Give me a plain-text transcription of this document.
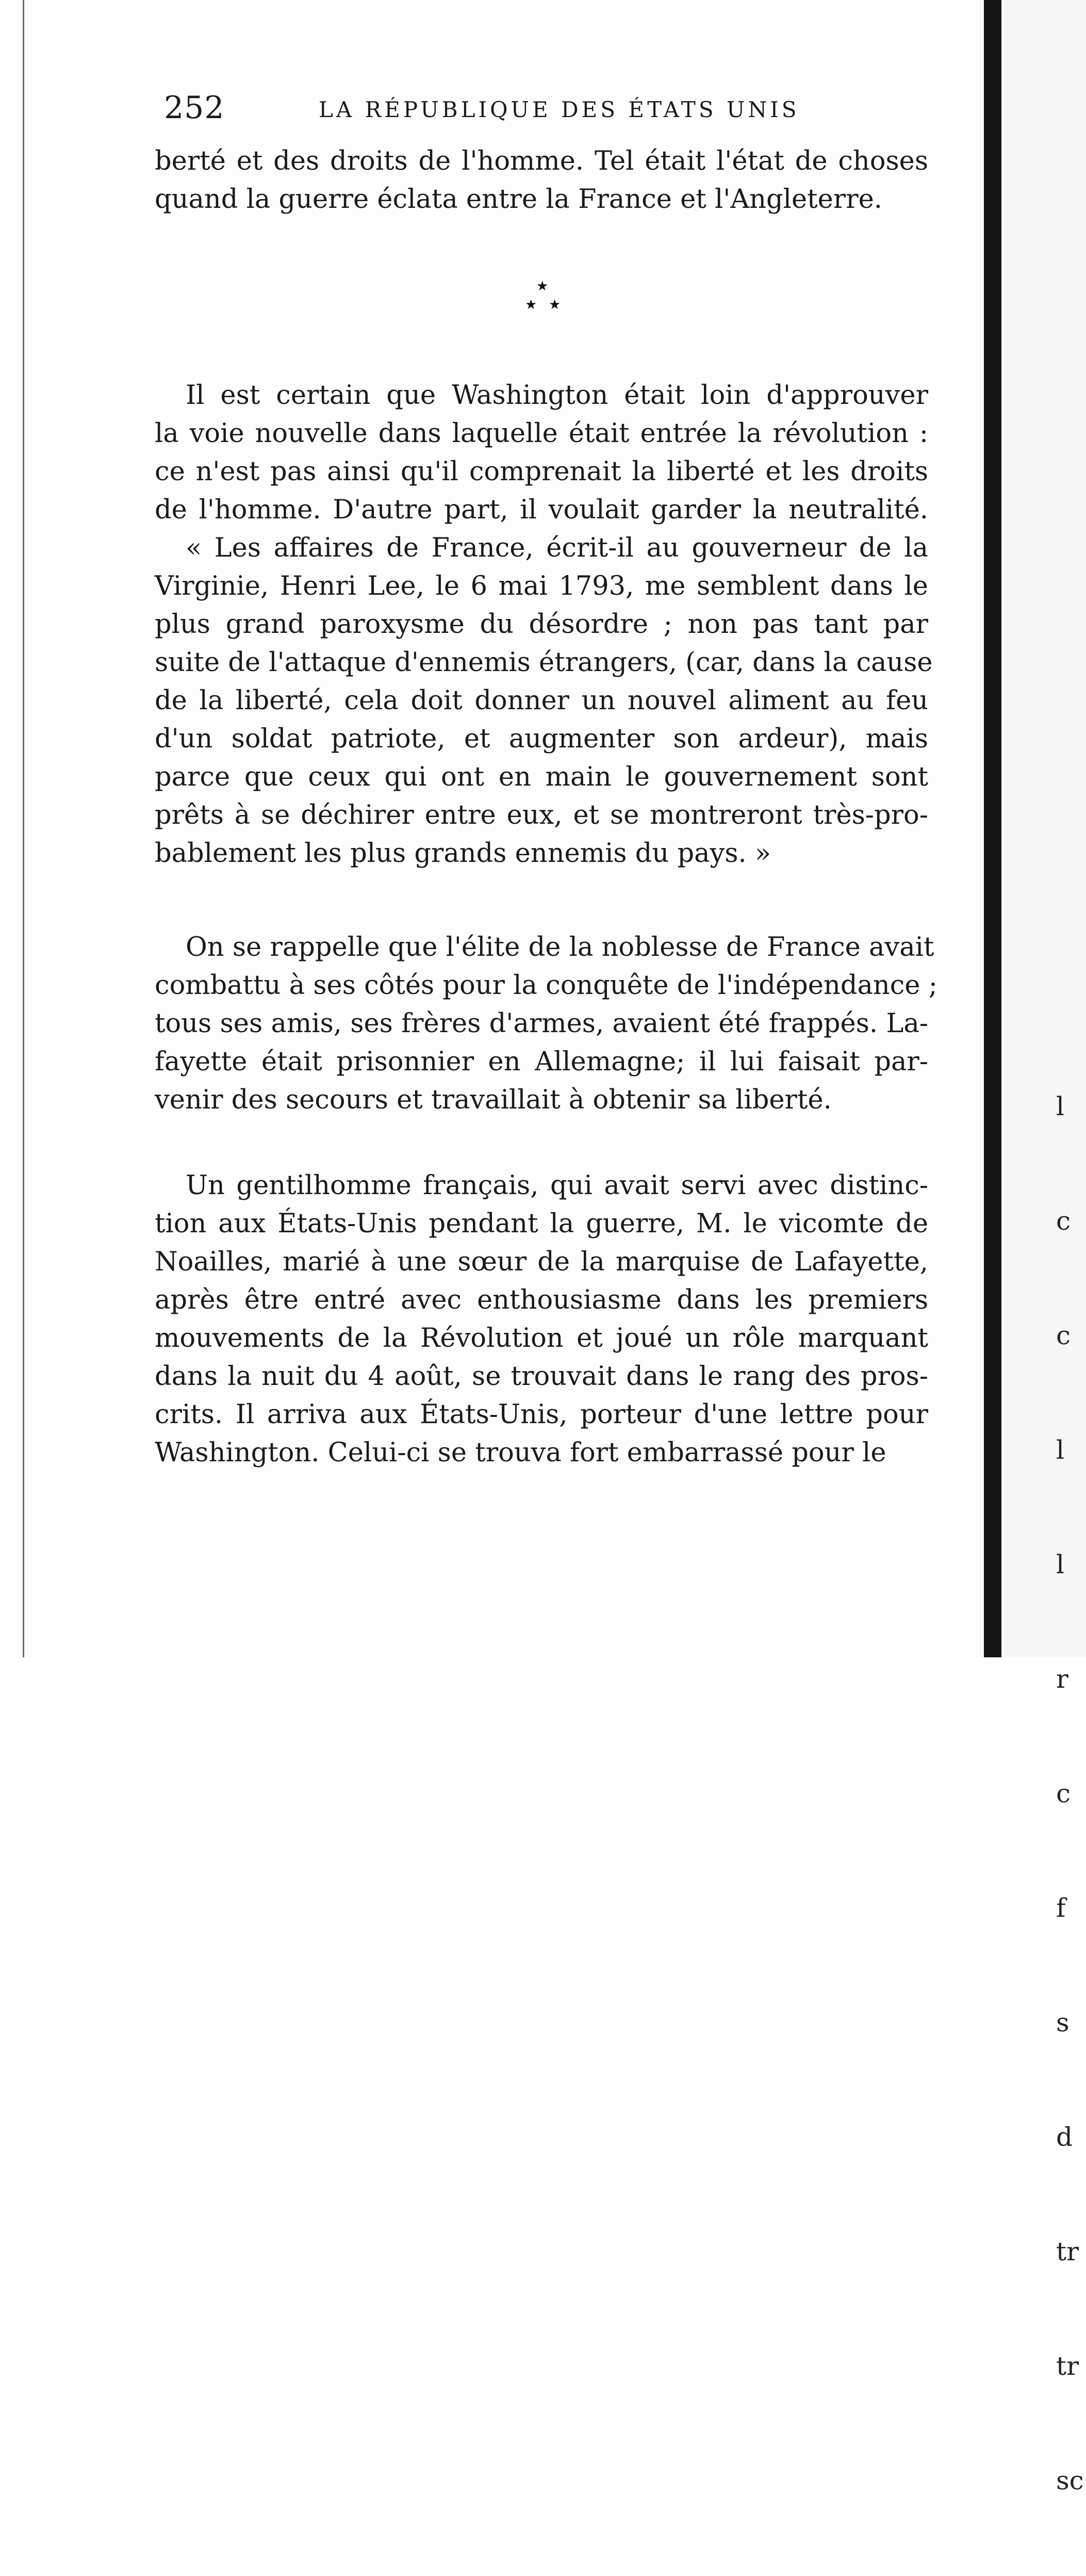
252	LA RÉPUBLIQUE DES ÉTATS UNIS
berté et des droits de l'homme. Tel était l'état de choses
quand la guerre éclata entre la France et l'Angleterre.
★
★ ★
Il est certain que Washington était loin d'approuver
la voie nouvelle dans laquelle était entrée la révolution :
ce n'est pas ainsi qu'il comprenait la liberté et les droits
de l'homme. D'autre part, il voulait garder la neutralité.
« Les affaires de France, écrit-il au gouverneur de la
Virginie, Henri Lee, le 6 mai 1793, me semblent dans le
plus grand paroxysme du désordre ; non pas tant par
suite de l'attaque d'ennemis étrangers, (car, dans la cause
de la liberté, cela doit donner un nouvel aliment au feu
d'un soldat patriote, et augmenter son ardeur), mais
parce que ceux qui ont en main le gouvernement sont
prêts à se déchirer entre eux, et se montreront très-pro-
bablement les plus grands ennemis du pays. »
On se rappelle que l'élite de la noblesse de France avait
combattu à ses côtés pour la conquête de l'indépendance ;
tous ses amis, ses frères d'armes, avaient été frappés. La-
fayette était prisonnier en Allemagne; il lui faisait par-
venir des secours et travaillait à obtenir sa liberté.
Un gentilhomme français, qui avait servi avec distinc-
tion aux États-Unis pendant la guerre, M. le vicomte de
Noailles, marié à une sœur de la marquise de Lafayette,
après être entré avec enthousiasme dans les premiers
mouvements de la Révolution et joué un rôle marquant
dans la nuit du 4 août, se trouvait dans le rang des pros-
crits. Il arriva aux États-Unis, porteur d'une lettre pour
Washington. Celui-ci se trouva fort embarrassé pour le

l

c

c

l

l

r

c

f

s

d

tr

tr

sc
